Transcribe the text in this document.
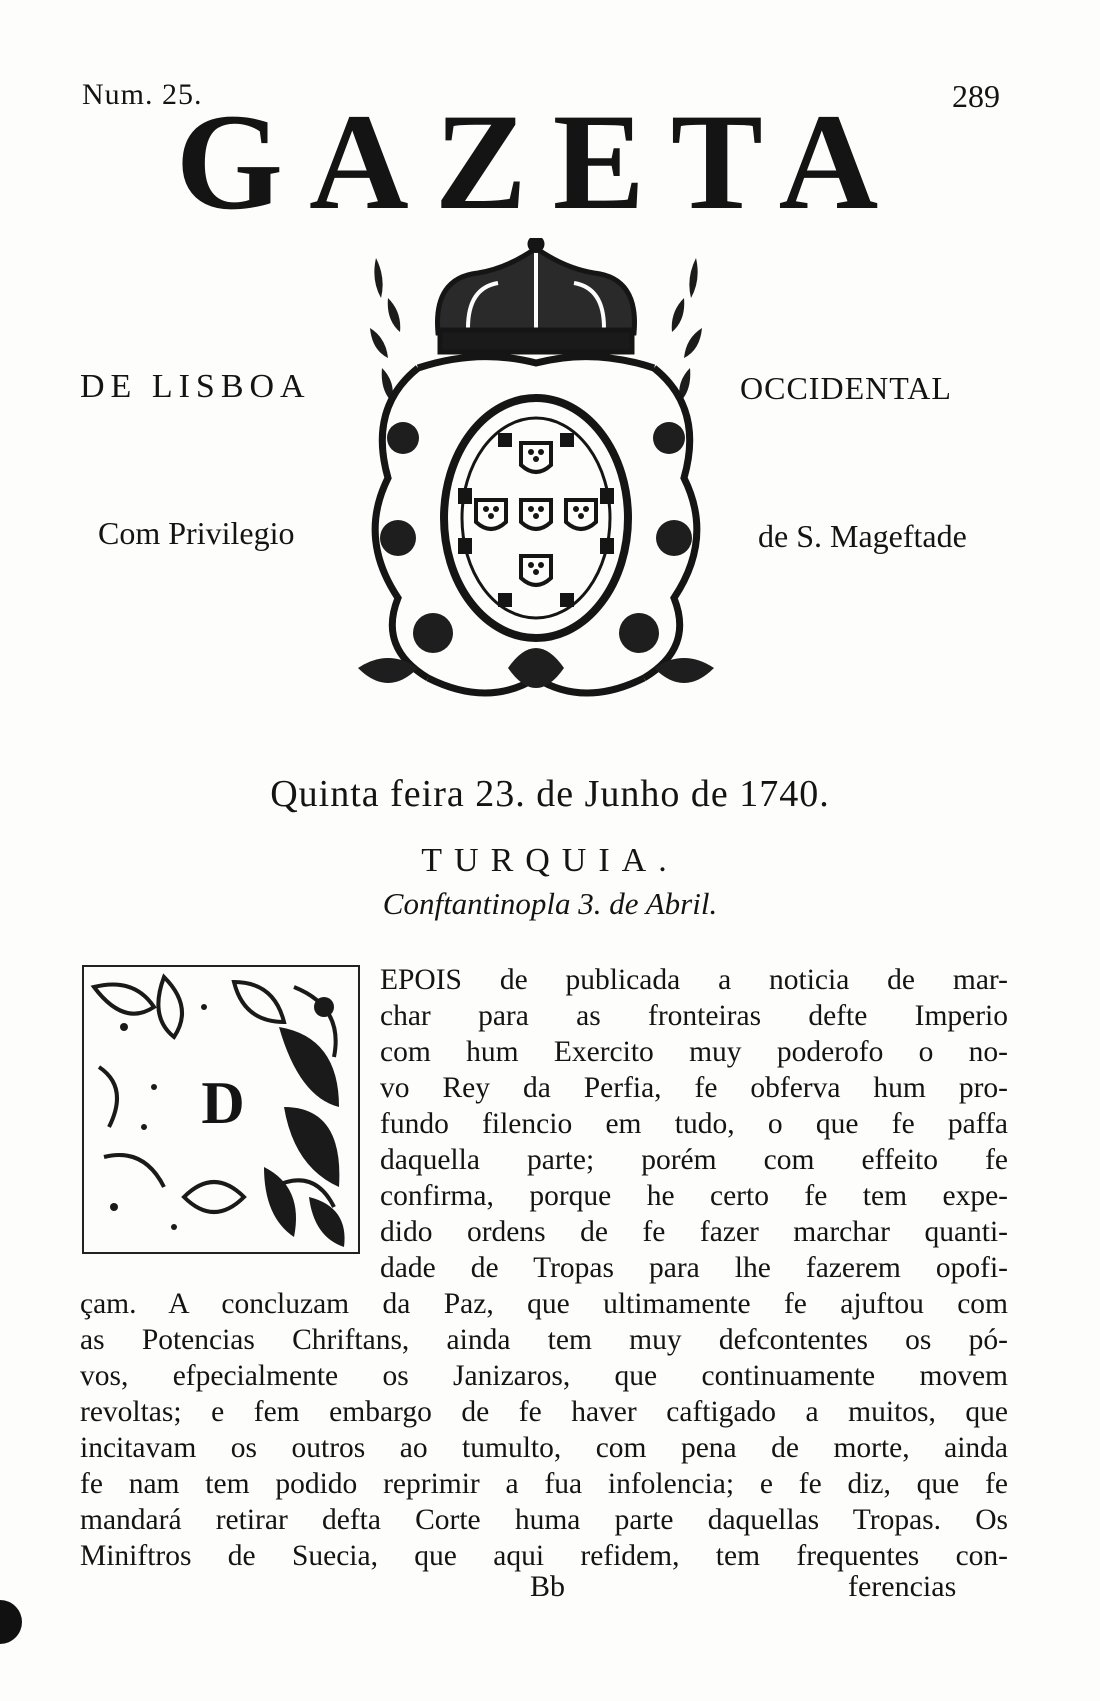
Num. 25.	289
GAZETA
DE LISBOA	OCCIDENTAL
Com Privilegio	de S. Mageftade
Quinta feira 23. de Junho de 1740.
TURQUIA.
Conftantinopla 3. de Abril.
D
EPOIS de publicada a noticia de mar-
char para as fronteiras defte Imperio
com hum Exercito muy poderofo o no-
vo Rey da Perfia, fe obferva hum pro-
fundo filencio em tudo, o que fe paffa
daquella parte; porém com effeito fe
confirma, porque he certo fe tem expe-
dido ordens de fe fazer marchar quanti-
dade de Tropas para lhe fazerem opofi-
çam. A concluzam da Paz, que ultimamente fe ajuftou com
as Potencias Chriftans, ainda tem muy defcontentes os pó-
vos, efpecialmente os Janizaros, que continuamente movem
revoltas; e fem embargo de fe haver caftigado a muitos, que
incitavam os outros ao tumulto, com pena de morte, ainda
fe nam tem podido reprimir a fua infolencia; e fe diz, que fe
mandará retirar defta Corte huma parte daquellas Tropas. Os
Miniftros de Suecia, que aqui refidem, tem frequentes con-
Bb	ferencias
